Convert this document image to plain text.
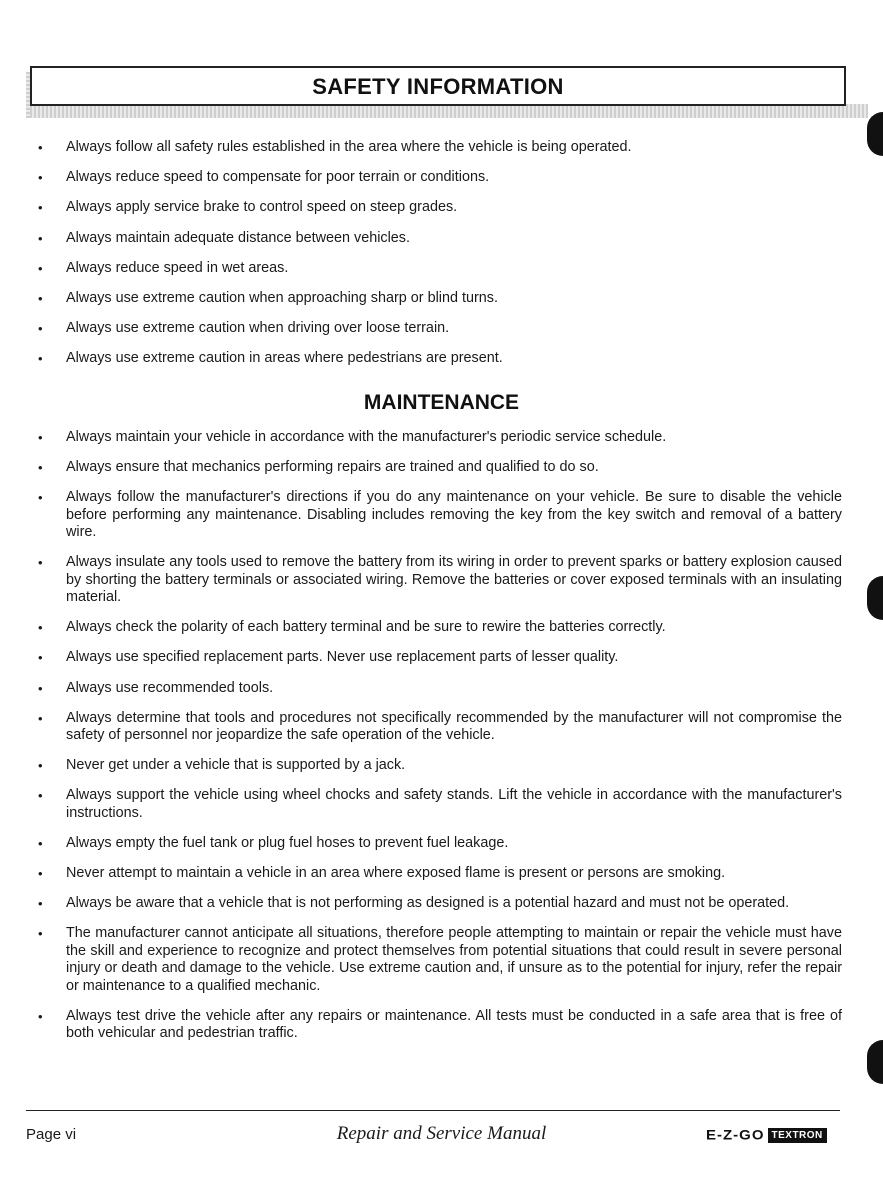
SAFETY INFORMATION
• Always follow all safety rules established in the area where the vehicle is being operated.
• Always reduce speed to compensate for poor terrain or conditions.
• Always apply service brake to control speed on steep grades.
• Always maintain adequate distance between vehicles.
• Always reduce speed in wet areas.
• Always use extreme caution when approaching sharp or blind turns.
• Always use extreme caution when driving over loose terrain.
• Always use extreme caution in areas where pedestrians are present.
MAINTENANCE
• Always maintain your vehicle in accordance with the manufacturer's periodic service schedule.
• Always ensure that mechanics performing repairs are trained and qualified to do so.
• Always follow the manufacturer's directions if you do any maintenance on your vehicle. Be sure to disable the vehicle before performing any maintenance. Disabling includes removing the key from the key switch and removal of a battery wire.
• Always insulate any tools used to remove the battery from its wiring in order to prevent sparks or battery explosion caused by shorting the battery terminals or associated wiring. Remove the batteries or cover exposed terminals with an insulating material.
• Always check the polarity of each battery terminal and be sure to rewire the batteries correctly.
• Always use specified replacement parts. Never use replacement parts of lesser quality.
• Always use recommended tools.
• Always determine that tools and procedures not specifically recommended by the manufacturer will not compromise the safety of personnel nor jeopardize the safe operation of the vehicle.
• Never get under a vehicle that is supported by a jack.
• Always support the vehicle using wheel chocks and safety stands. Lift the vehicle in accordance with the manufacturer's instructions.
• Always empty the fuel tank or plug fuel hoses to prevent fuel leakage.
• Never attempt to maintain a vehicle in an area where exposed flame is present or persons are smoking.
• Always be aware that a vehicle that is not performing as designed is a potential hazard and must not be operated.
• The manufacturer cannot anticipate all situations, therefore people attempting to maintain or repair the vehicle must have the skill and experience to recognize and protect themselves from potential situations that could result in severe personal injury or death and damage to the vehicle. Use extreme caution and, if unsure as to the potential for injury, refer the repair or maintenance to a qualified mechanic.
• Always test drive the vehicle after any repairs or maintenance. All tests must be conducted in a safe area that is free of both vehicular and pedestrian traffic.
Page vi	Repair and Service Manual	E-Z-GO TEXTRON
